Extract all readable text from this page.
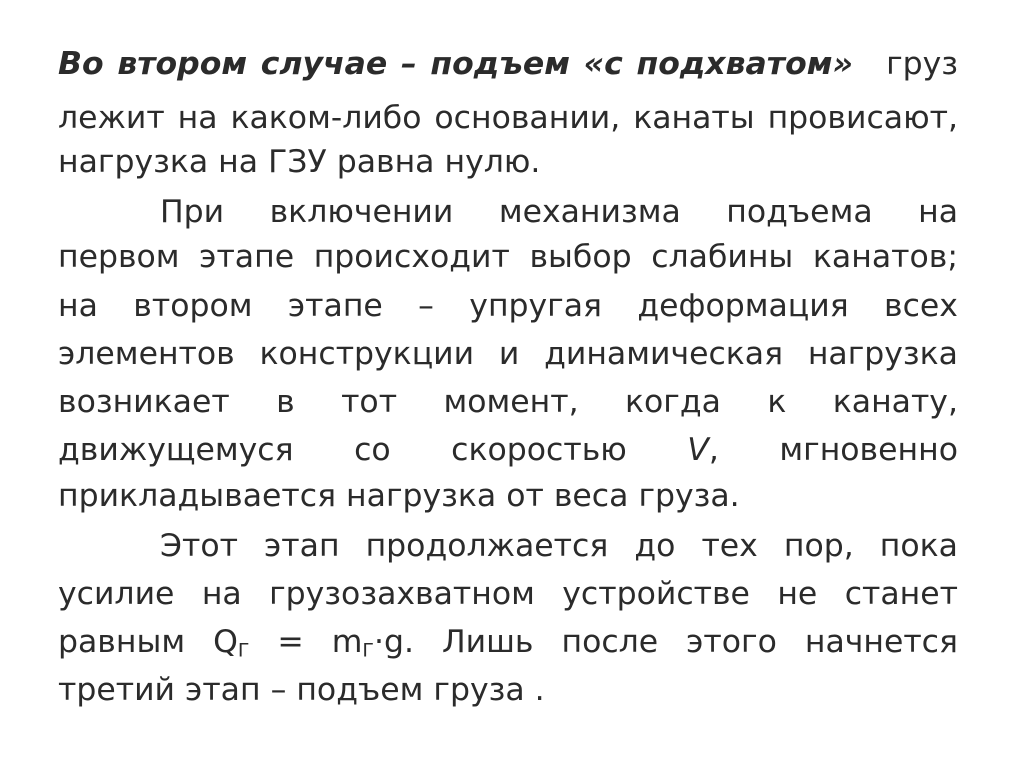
Во втором случае – подъем «с подхватом» груз
лежит на каком-либо основании, канаты провисают,
нагрузка на ГЗУ равна нулю.
При включении механизма подъема на
первом этапе происходит выбор слабины канатов;
на втором этапе – упругая деформация всех
элементов конструкции и динамическая нагрузка
возникает в тот момент, когда к канату,
движущемуся со скоростью V, мгновенно
прикладывается нагрузка от веса груза.
Этот этап продолжается до тех пор, пока
усилие на грузозахватном устройстве не станет
равным $Q_Г = m_Г\cdot g$. Лишь после этого начнется
третий этап – подъем груза .
